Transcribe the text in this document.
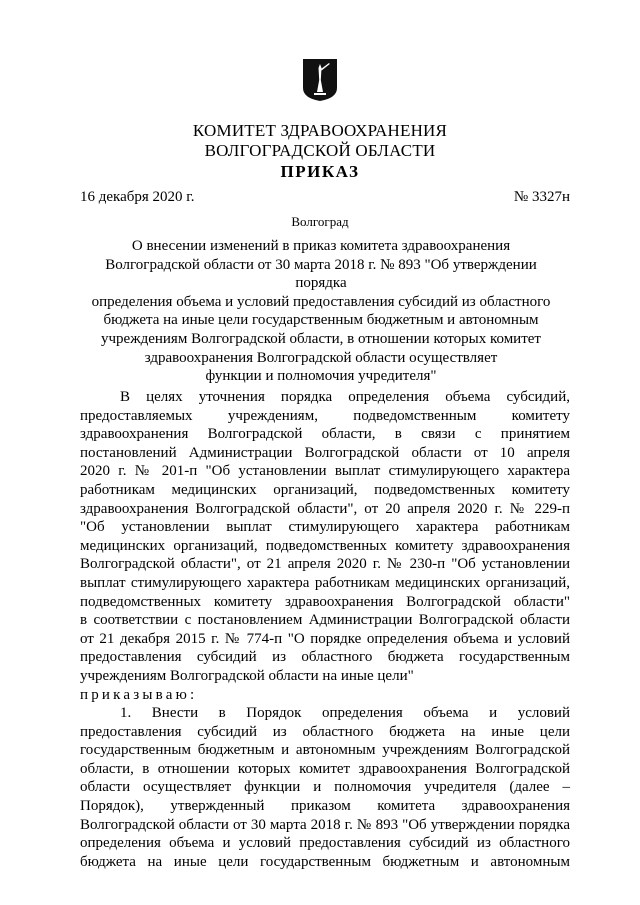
КОМИТЕТ ЗДРАВООХРАНЕНИЯ
ВОЛГОГРАДСКОЙ ОБЛАСТИ
ПРИКАЗ
16 декабря 2020 г.	№ 3327н
Волгоград
О внесении изменений в приказ комитета здравоохранения
Волгоградской области от 30 марта 2018 г. № 893 "Об утверждении порядка
определения объема и условий предоставления субсидий из областного
бюджета на иные цели государственным бюджетным и автономным
учреждениям Волгоградской области, в отношении которых комитет
здравоохранения Волгоградской области осуществляет
функции и полномочия учредителя"
В целях уточнения порядка определения объема субсидий,
предоставляемых учреждениям, подведомственным комитету
здравоохранения Волгоградской области, в связи с принятием
постановлений Администрации Волгоградской области от 10 апреля
2020 г. № 201-п "Об установлении выплат стимулирующего характера
работникам медицинских организаций, подведомственных комитету
здравоохранения Волгоградской области", от 20 апреля 2020 г. № 229-п
"Об установлении выплат стимулирующего характера работникам
медицинских организаций, подведомственных комитету здравоохранения
Волгоградской области", от 21 апреля 2020 г. № 230-п "Об установлении
выплат стимулирующего характера работникам медицинских организаций,
подведомственных комитету здравоохранения Волгоградской области"
в соответствии с постановлением Администрации Волгоградской области
от 21 декабря 2015 г. № 774-п "О порядке определения объема и условий
предоставления субсидий из областного бюджета государственным
учреждениям Волгоградской области на иные цели"
приказываю:
1. Внести в Порядок определения объема и условий
предоставления субсидий из областного бюджета на иные цели
государственным бюджетным и автономным учреждениям Волгоградской
области, в отношении которых комитет здравоохранения Волгоградской
области осуществляет функции и полномочия учредителя (далее –
Порядок), утвержденный приказом комитета здравоохранения
Волгоградской области от 30 марта 2018 г. № 893 "Об утверждении порядка
определения объема и условий предоставления субсидий из областного
бюджета на иные цели государственным бюджетным и автономным
